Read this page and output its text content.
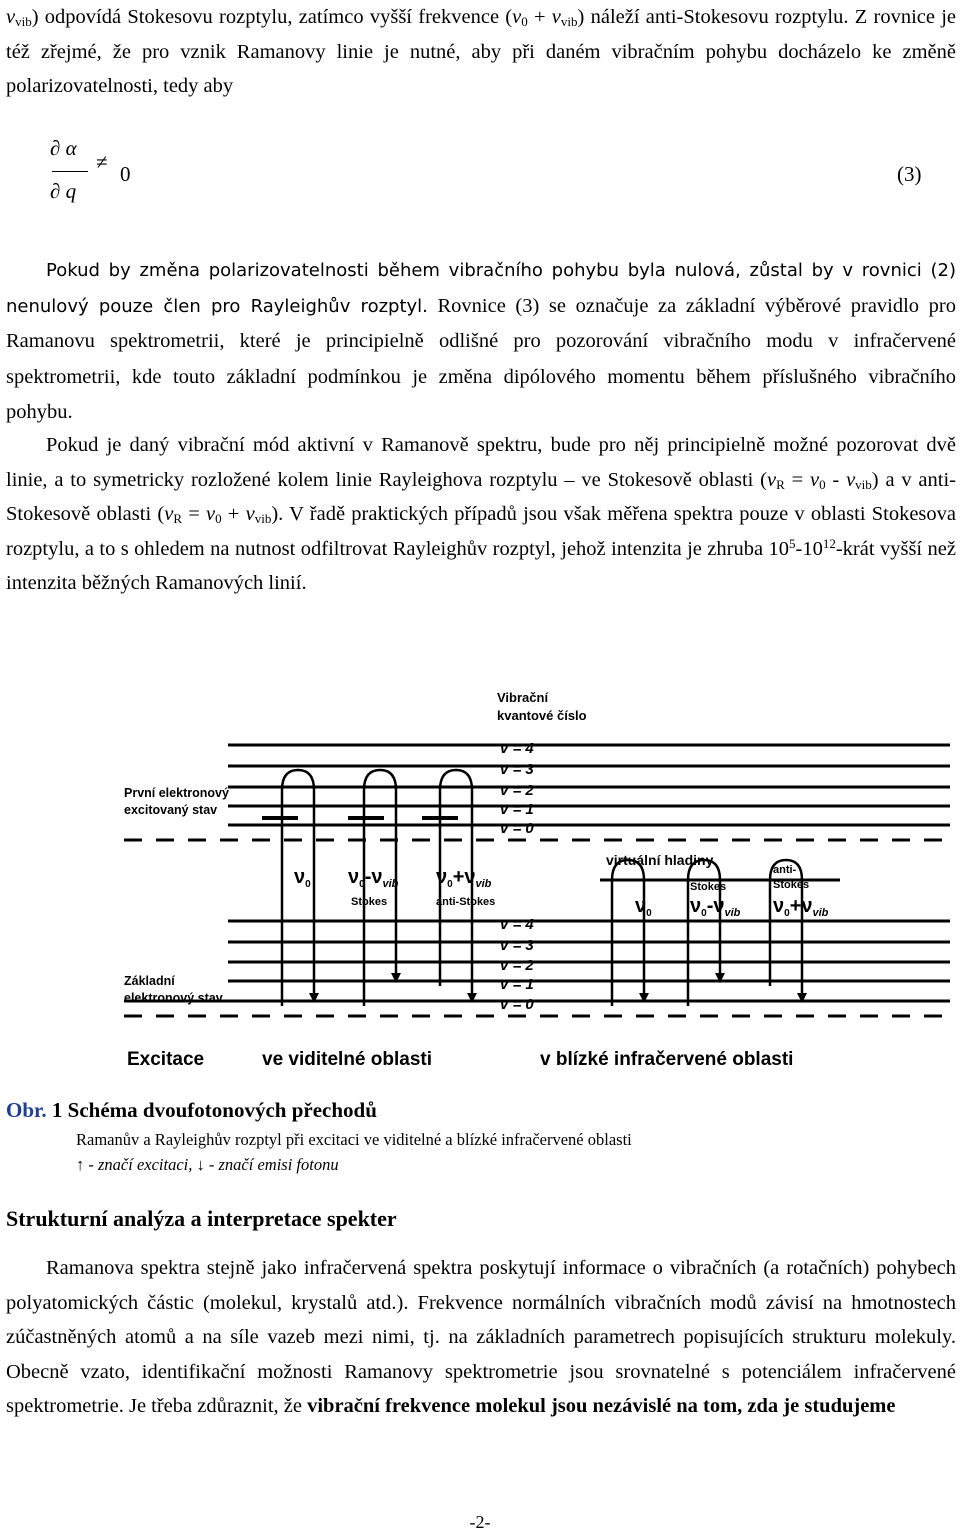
$\nu_{vib}$) odpovídá Stokesovu rozptylu, zatímco vyšší frekvence $(\nu_0 + \nu_{vib})$ náleží anti-Stokesovu rozptylu. Z rovnice je též zřejmé, že pro vznik Ramanovy linie je nutné, aby při daném vibračním pohybu docházelo ke změně polarizovatelnosti, tedy aby

∂ α
∂ q
≠ 0	(3)

Pokud by změna polarizovatelnosti během vibračního pohybu byla nulová, zůstal by v rovnici (2) nenulový pouze člen pro Rayleighův rozptyl. Rovnice (3) se označuje za základní výběrové pravidlo pro Ramanovu spektrometrii, které je principielně odlišné pro pozorování vibračního modu v infračervené spektrometrii, kde touto základní podmínkou je změna dipólového momentu během příslušného vibračního pohybu.

Pokud je daný vibrační mód aktivní v Ramanově spektru, bude pro něj principielně možné pozorovat dvě linie, a to symetricky rozložené kolem linie Rayleighova rozptylu – ve Stokesově oblasti $(\nu_R = \nu_0 - \nu_{vib})$ a v anti-Stokesově oblasti $(\nu_R = \nu_0 + \nu_{vib})$. V řadě praktických případů jsou však měřena spektra pouze v oblasti Stokesova rozptylu, a to s ohledem na nutnost odfiltrovat Rayleighův rozptyl, jehož intenzita je zhruba $10^5-10^{12}$-krát vyšší než intenzita běžných Ramanových linií.

Vibrační
kvantové číslo
v = 4
v = 3
v = 2
v = 1
v = 0
První elektronový
excitovaný stav
virtuální hladiny
v = 4
v = 3
v = 2
v = 1
v = 0
Základní
elektronový stav
$\nu_0$ $\nu_0-\nu_{vib}$
Stokes
$\nu_0+\nu_{vib}$
anti-Stokes	$\nu_0$
Stokes
$\nu_0-\nu_{vib}$
anti-
Stokes
$\nu_0+\nu_{vib}$
Excitace	ve viditelné oblasti	v blízké infračervené oblasti
Obr. 1 Schéma dvoufotonových přechodů
Ramanův a Rayleighův rozptyl při excitaci ve viditelné a blízké infračervené oblasti
↑ - značí excitaci, ↓ - značí emisi fotonu
Strukturní analýza a interpretace spekter

Ramanova spektra stejně jako infračervená spektra poskytují informace o vibračních (a rotačních) pohybech polyatomických částic (molekul, krystalů atd.). Frekvence normálních vibračních modů závisí na hmotnostech zúčastněných atomů a na síle vazeb mezi nimi, tj. na základních parametrech popisujících strukturu molekuly. Obecně vzato, identifikační možnosti Ramanovy spektrometrie jsou srovnatelné s potenciálem infračervené spektrometrie. Je třeba zdůraznit, že vibrační frekvence molekul jsou nezávislé na tom, zda je studujeme

-2-
